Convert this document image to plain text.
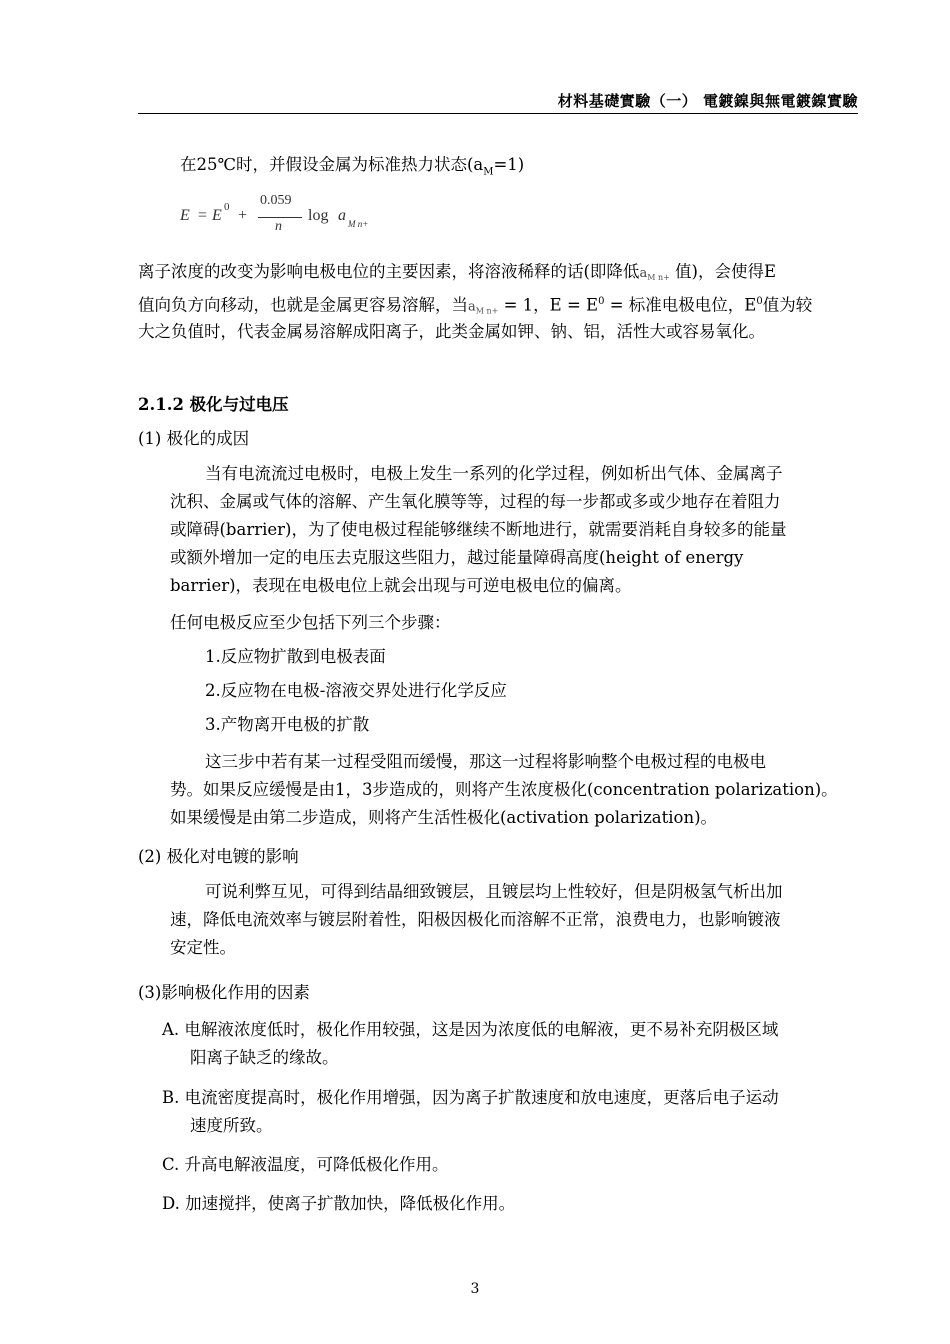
材料基礎實驗（一） 電鍍鎳與無電鍍鎳實驗
在25℃时，并假设金属为标准热力状态$(a_M=1)$
E = E 0 +
0.059
n
log a M n+
离子浓度的改变为影响电极电位的主要因素，将溶液稀释的话(即降低aM n+ 值)，会使得E
值向负方向移动，也就是金属更容易溶解，当aM n+ = 1，$E = E^0$ = 标准电极电位，$E^0$值为较
大之负值时，代表金属易溶解成阳离子，此类金属如钾、钠、铝，活性大或容易氧化。
2.1.2 极化与过电压
(1) 极化的成因
当有电流流过电极时，电极上发生一系列的化学过程，例如析出气体、金属离子
沈积、金属或气体的溶解、产生氧化膜等等，过程的每一步都或多或少地存在着阻力
或障碍(barrier)，为了使电极过程能够继续不断地进行，就需要消耗自身较多的能量
或额外增加一定的电压去克服这些阻力，越过能量障碍高度(height of energy
barrier)，表现在电极电位上就会出现与可逆电极电位的偏离。
任何电极反应至少包括下列三个步骤：
1.反应物扩散到电极表面
2.反应物在电极-溶液交界处进行化学反应
3.产物离开电极的扩散
这三步中若有某一过程受阻而缓慢，那这一过程将影响整个电极过程的电极电
势。如果反应缓慢是由1，3步造成的，则将产生浓度极化(concentration polarization)。
如果缓慢是由第二步造成，则将产生活性极化(activation polarization)。
(2) 极化对电镀的影响
可说利弊互见，可得到结晶细致镀层，且镀层均上性较好，但是阴极氢气析出加
速，降低电流效率与镀层附着性，阳极因极化而溶解不正常，浪费电力，也影响镀液
安定性。
(3)影响极化作用的因素
A. 电解液浓度低时，极化作用较强，这是因为浓度低的电解液，更不易补充阴极区域
阳离子缺乏的缘故。
B. 电流密度提高时，极化作用增强，因为离子扩散速度和放电速度，更落后电子运动
速度所致。
C. 升高电解液温度，可降低极化作用。
D. 加速搅拌，使离子扩散加快，降低极化作用。
3
